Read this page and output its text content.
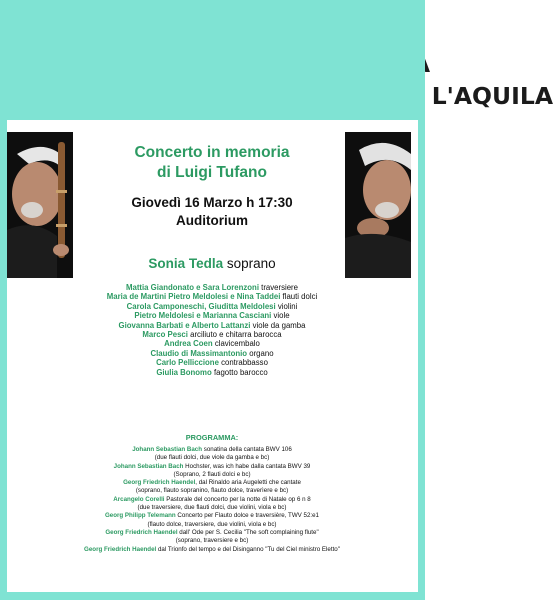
CONSERVATORIO
STATALE di MUSICA
ALFREDO CASELLA - L'AQUILA
Concerto in memoria
di Luigi Tufano
Giovedì 16 Marzo h 17:30
Auditorium
Sonia Tedla soprano
Mattia Giandonato e Sara Lorenzoni traversiere
Maria de Martini Pietro Meldolesi e Nina Taddei flauti dolci
Carola Camponeschi, Giuditta Meldolesi violini
Pietro Meldolesi e Marianna Casciani viole
Giovanna Barbati e Alberto Lattanzi viole da gamba
Marco Pesci arciliuto e chitarra barocca
Andrea Coen clavicembalo
Claudio di Massimantonio organo
Carlo Pelliccione contrabbasso
Giulia Bonomo fagotto barocco
PROGRAMMA:
Johann Sebastian Bach sonatina della cantata BWV 106
(due flauti dolci, due viole da gamba e bc)
Johann Sebastian Bach Hochster, was ich habe dalla cantata BWV 39
(Soprano, 2 flauti dolci e bc)
Georg Friedrich Haendel, dal Rinaldo aria Augeletti che cantate
(soprano, flauto sopranino, flauto dolce, traverìere e bc)
Arcangelo Corelli Pastorale del concerto per la notte di Natale op 6 n 8
(due traversiere, due flauti dolci, due violini, viola e bc)
Georg Philipp Telemann Concerto per Flauto dolce e traversière, TWV 52:e1
(flauto dolce, traversiere, due violini, viola e bc)
Georg Friedrich Haendel dall' Ode per S. Cecilia "The soft complaining flute"
(soprano, traversiere e bc)
Georg Friedrich Haendel dal Trionfo del tempo e del Disinganno "Tu del Ciel ministro Eletto"
